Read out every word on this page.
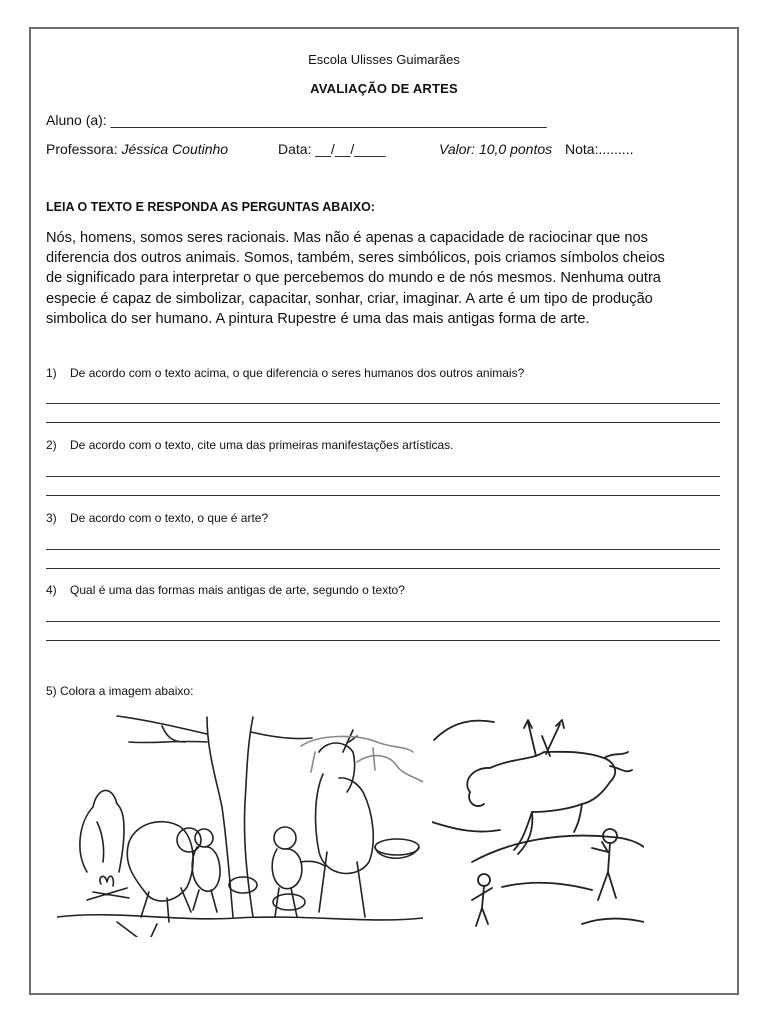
Escola Ulisses Guimarães
AVALIAÇÃO DE ARTES
Aluno (a): ________________________________________________________
Professora: Jéssica Coutinho	Data: __/__/____	Valor: 10,0 pontos Nota:.........
LEIA O TEXTO E RESPONDA AS PERGUNTAS ABAIXO:
Nós, homens, somos seres racionais. Mas não é apenas a capacidade de raciocinar que nos
diferencia dos outros animais. Somos, também, seres simbólicos, pois criamos símbolos cheios
de significado para interpretar o que percebemos do mundo e de nós mesmos. Nenhuma outra
especie é capaz de simbolizar, capacitar, sonhar, criar, imaginar. A arte é um tipo de produção
simbolica do ser humano. A pintura Rupestre é uma das mais antigas forma de arte.
1) De acordo com o texto acima, o que diferencia o seres humanos dos outros animais?
2) De acordo com o texto, cite uma das primeiras manifestações artísticas.
3) De acordo com o texto, o que é arte?
4) Qual é uma das formas mais antigas de arte, segundo o texto?
5) Colora a imagem abaixo:
